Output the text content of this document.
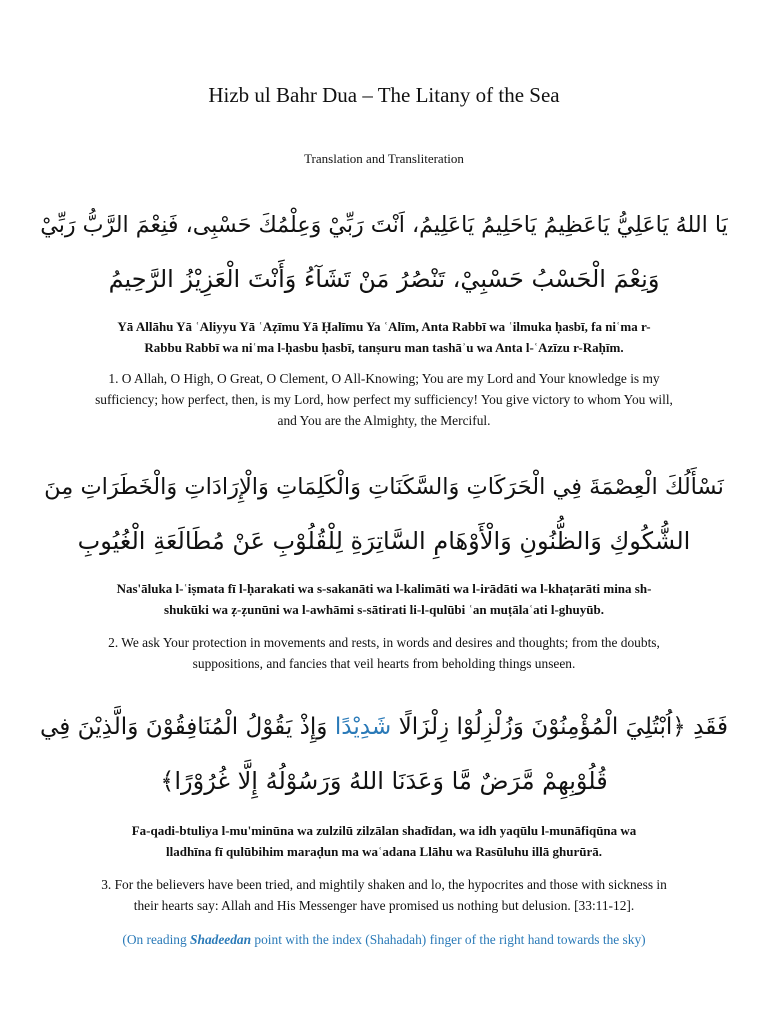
Hizb ul Bahr Dua – The Litany of the Sea
Translation and Transliteration
يَا اللهُ يَاعَلِيُّ يَاعَظِيمُ يَاحَلِيمُ يَاعَلِيمُ، اَنْتَ رَبِّيْ وَعِلْمُكَ حَسْبِى، فَنِعْمَ الرَّبُّ رَبِّيْ
وَنِعْمَ الْحَسْبُ حَسْبِيْ، تَنْصُرُ مَنْ تَشَآءُ وَأَنْتَ الْعَزِيْزُ الرَّحِيمُ
Yā Allāhu Yā ʿAliyyu Yā ʿAẓīmu Yā Ḥalīmu Ya ʿAlīm, Anta Rabbī wa ʿilmuka ḥasbī, fa niʿma r-
Rabbu Rabbī wa niʿma l-ḥasbu ḥasbī, tanṣuru man tashāʾu wa Anta l-ʿAzīzu r-Raḥīm.
1. O Allah, O High, O Great, O Clement, O All-Knowing; You are my Lord and Your knowledge is my
sufficiency; how perfect, then, is my Lord, how perfect my sufficiency! You give victory to whom You will,
and You are the Almighty, the Merciful.
نَسْأَلُكَ الْعِصْمَةَ فِي الْحَرَكَاتِ وَالسَّكَنَاتِ وَالْكَلِمَاتِ وَالْإِرَادَاتِ وَالْخَطَرَاتِ مِنَ
الشُّكُوكِ وَالظُّنُونِ وَالْأَوْهَامِ السَّاتِرَةِ لِلْقُلُوْبِ عَنْ مُطَالَعَةِ الْغُيُوبِ
Nas'āluka l-ʿiṣmata fī l-ḥarakati wa s-sakanāti wa l-kalimāti wa l-irādāti wa l-khaṭarāti mina sh-
shukūki wa ẓ-ẓunūni wa l-awhāmi s-sātirati li-l-qulūbi ʿan muṭālaʿati l-ghuyūb.
2. We ask Your protection in movements and rests, in words and desires and thoughts; from the doubts,
suppositions, and fancies that veil hearts from beholding things unseen.
فَقَدِ ﴿اُبْتُلِيَ الْمُؤْمِنُوْنَ وَزُلْزِلُوْا زِلْزَالًا شَدِيْدًا وَإِذْ يَقُوْلُ الْمُنَافِقُوْنَ وَالَّذِيْنَ فِي
قُلُوْبِهِمْ مَّرَضٌ مَّا وَعَدَنَا اللهُ وَرَسُوْلُهُ إِلَّا غُرُوْرًا﴾
Fa-qadi-btuliya l-mu'minūna wa zulzilū zilzālan shadīdan, wa idh yaqūlu l-munāfiqūna wa
lladhīna fī qulūbihim maraḍun ma waʿadana Llāhu wa Rasūluhu illā ghurūrā.
3. For the believers have been tried, and mightily shaken and lo, the hypocrites and those with sickness in
their hearts say: Allah and His Messenger have promised us nothing but delusion. [33:11-12].
(On reading Shadeedan point with the index (Shahadah) finger of the right hand towards the sky)
